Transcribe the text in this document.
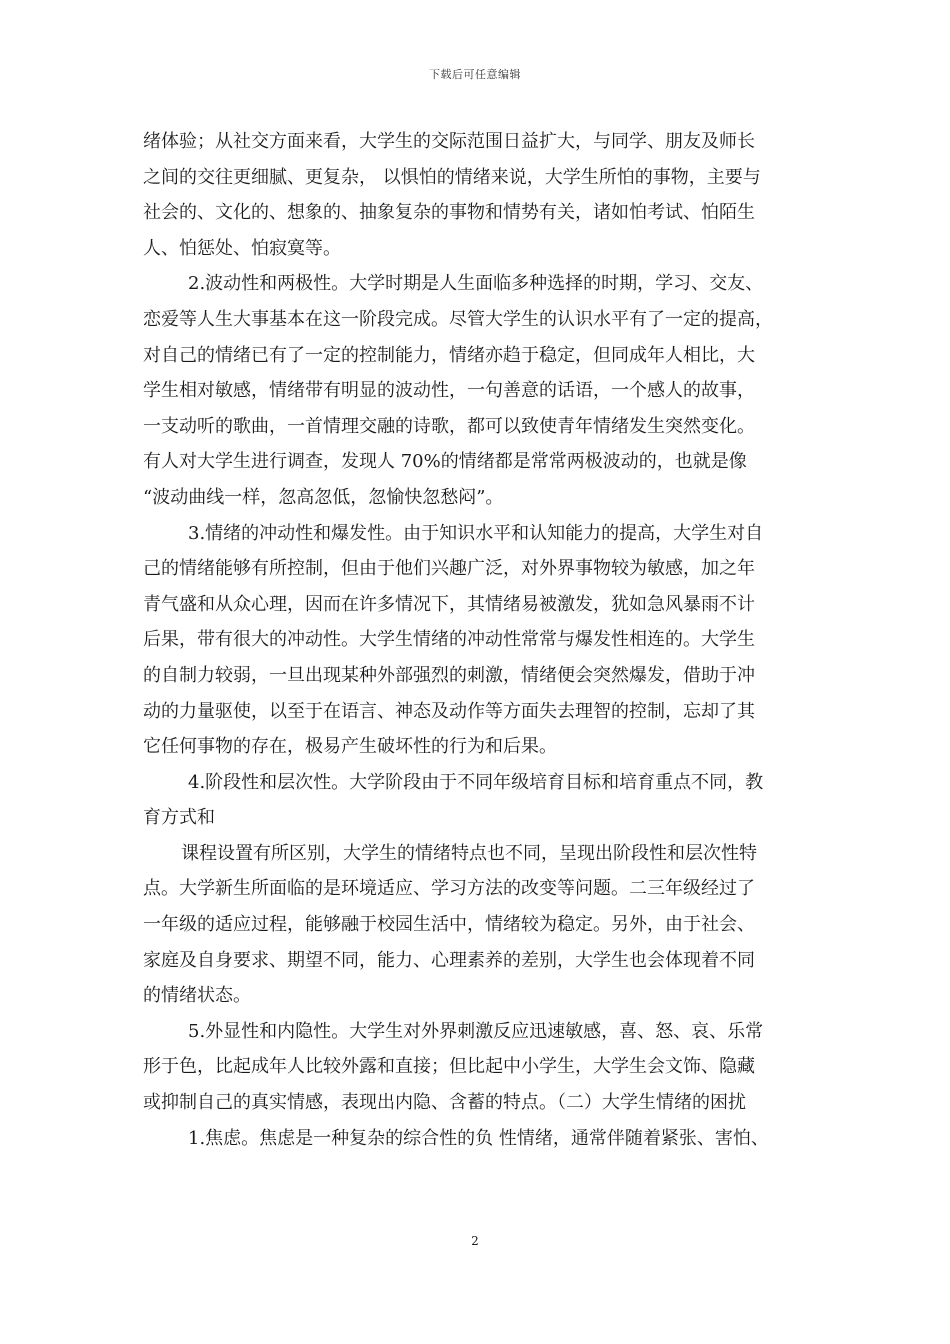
下载后可任意编辑
绪体验；从社交方面来看，大学生的交际范围日益扩大，与同学、朋友及师长
之间的交往更细腻、更复杂， 以惧怕的情绪来说，大学生所怕的事物，主要与
社会的、文化的、想象的、抽象复杂的事物和情势有关，诸如怕考试、怕陌生
人、怕惩处、怕寂寞等。
2.波动性和两极性。大学时期是人生面临多种选择的时期，学习、交友、
恋爱等人生大事基本在这一阶段完成。尽管大学生的认识水平有了一定的提高，
对自己的情绪已有了一定的控制能力，情绪亦趋于稳定，但同成年人相比，大
学生相对敏感，情绪带有明显的波动性，一句善意的话语，一个感人的故事，
一支动听的歌曲，一首情理交融的诗歌，都可以致使青年情绪发生突然变化。
有人对大学生进行调查，发现人 70%的情绪都是常常两极波动的，也就是像
“波动曲线一样，忽高忽低，忽愉快忽愁闷”。
3.情绪的冲动性和爆发性。由于知识水平和认知能力的提高，大学生对自
己的情绪能够有所控制，但由于他们兴趣广泛，对外界事物较为敏感，加之年
青气盛和从众心理，因而在许多情况下，其情绪易被激发，犹如急风暴雨不计
后果，带有很大的冲动性。大学生情绪的冲动性常常与爆发性相连的。大学生
的自制力较弱，一旦出现某种外部强烈的刺激，情绪便会突然爆发，借助于冲
动的力量驱使，以至于在语言、神态及动作等方面失去理智的控制，忘却了其
它任何事物的存在，极易产生破坏性的行为和后果。
4.阶段性和层次性。大学阶段由于不同年级培育目标和培育重点不同，教
育方式和
课程设置有所区别，大学生的情绪特点也不同，呈现出阶段性和层次性特
点。大学新生所面临的是环境适应、学习方法的改变等问题。二三年级经过了
一年级的适应过程，能够融于校园生活中，情绪较为稳定。另外，由于社会、
家庭及自身要求、期望不同，能力、心理素养的差别，大学生也会体现着不同
的情绪状态。
5.外显性和内隐性。大学生对外界刺激反应迅速敏感，喜、怒、哀、乐常
形于色，比起成年人比较外露和直接；但比起中小学生，大学生会文饰、隐藏
或抑制自己的真实情感，表现出内隐、含蓄的特点。（二）大学生情绪的困扰
1.焦虑。焦虑是一种复杂的综合性的负 性情绪，通常伴随着紧张、害怕、
2
